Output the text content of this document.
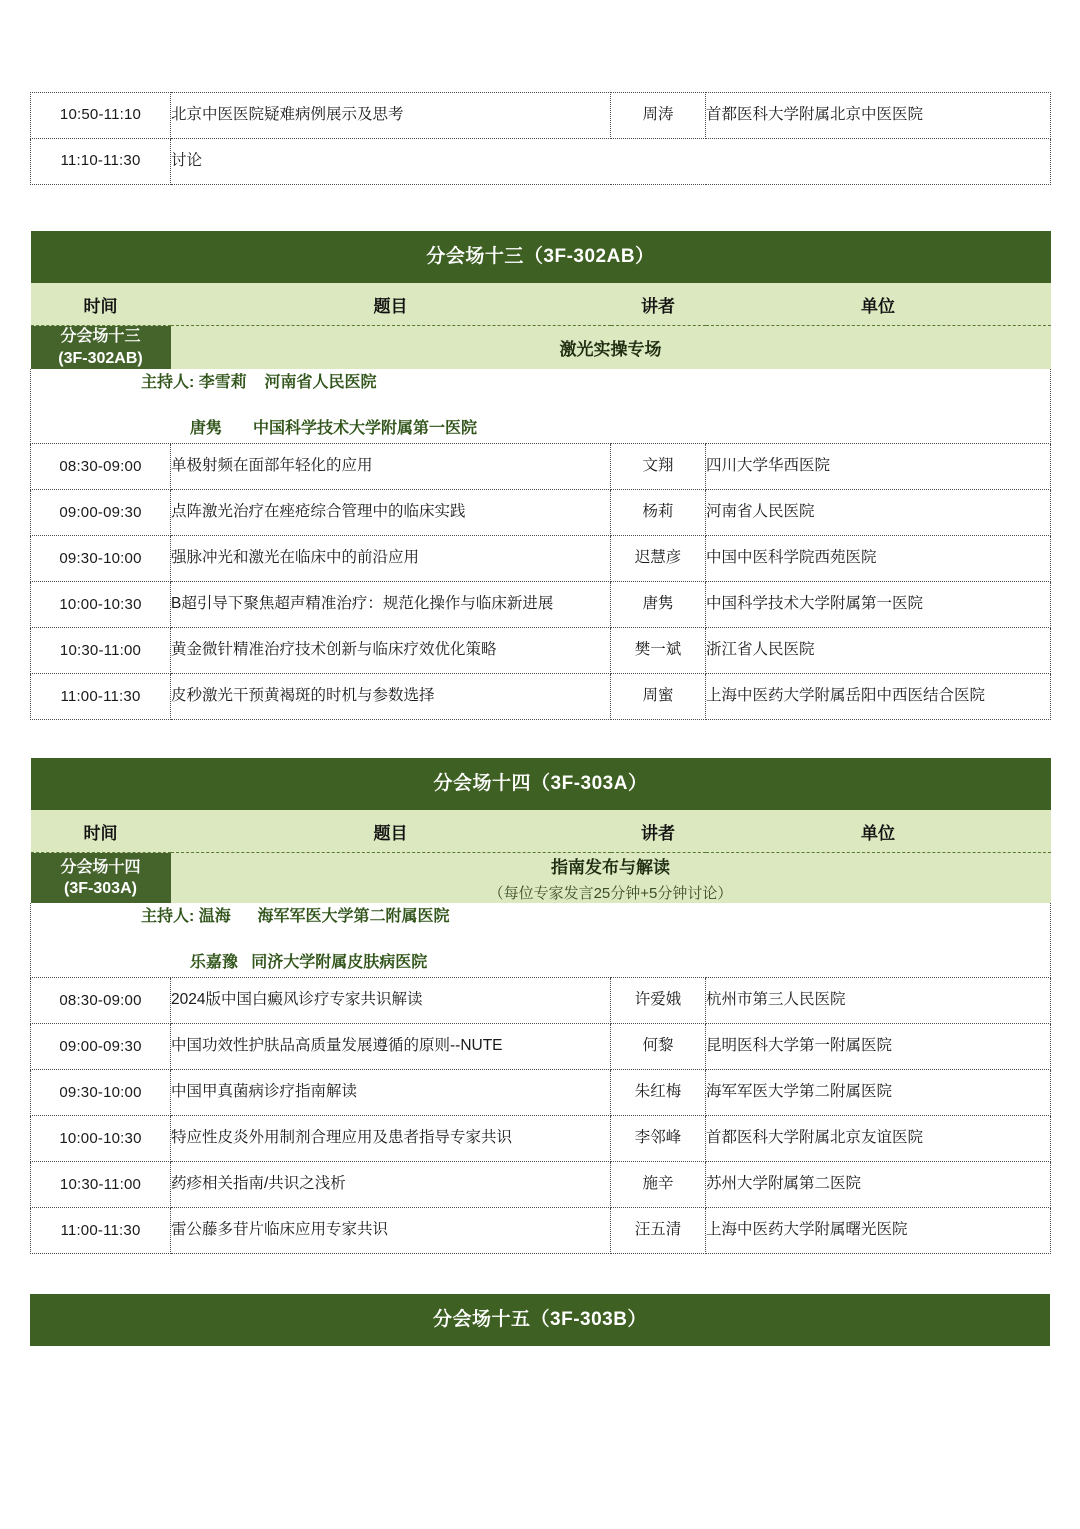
10:50-11:10	北京中医医院疑难病例展示及思考	周涛	首都医科大学附属北京中医医院
11:10-11:30	讨论		
分会场十三（3F-302AB）			
时间	题目	讲者	单位
分会场十三
(3F-302AB)	激光实操专场		

主持人: 李雪莉    河南省人民医院
唐隽       中国科学技术大学附属第一医院			

08:30-09:00	单极射频在面部年轻化的应用	文翔	四川大学华西医院
09:00-09:30	点阵激光治疗在痤疮综合管理中的临床实践	杨莉	河南省人民医院
09:30-10:00	强脉冲光和激光在临床中的前沿应用	迟慧彦	中国中医科学院西苑医院
10:00-10:30	B超引导下聚焦超声精准治疗：规范化操作与临床新进展	唐隽	中国科学技术大学附属第一医院
10:30-11:00	黄金微针精准治疗技术创新与临床疗效优化策略	樊一斌	浙江省人民医院
11:00-11:30	皮秒激光干预黄褐斑的时机与参数选择	周蜜	上海中医药大学附属岳阳中西医结合医院
分会场十四（3F-303A）			
时间	题目	讲者	单位
分会场十四
(3F-303A)	指南发布与解读
（每位专家发言25分钟+5分钟讨论）		

主持人: 温海      海军军医大学第二附属医院
乐嘉豫   同济大学附属皮肤病医院			

08:30-09:00	2024版中国白癜风诊疗专家共识解读	许爱娥	杭州市第三人民医院
09:00-09:30	中国功效性护肤品高质量发展遵循的原则--NUTE	何黎	昆明医科大学第一附属医院
09:30-10:00	中国甲真菌病诊疗指南解读	朱红梅	海军军医大学第二附属医院
10:00-10:30	特应性皮炎外用制剂合理应用及患者指导专家共识	李邻峰	首都医科大学附属北京友谊医院
10:30-11:00	药疹相关指南/共识之浅析	施辛	苏州大学附属第二医院
11:00-11:30	雷公藤多苷片临床应用专家共识	汪五清	上海中医药大学附属曙光医院
分会场十五（3F-303B）
